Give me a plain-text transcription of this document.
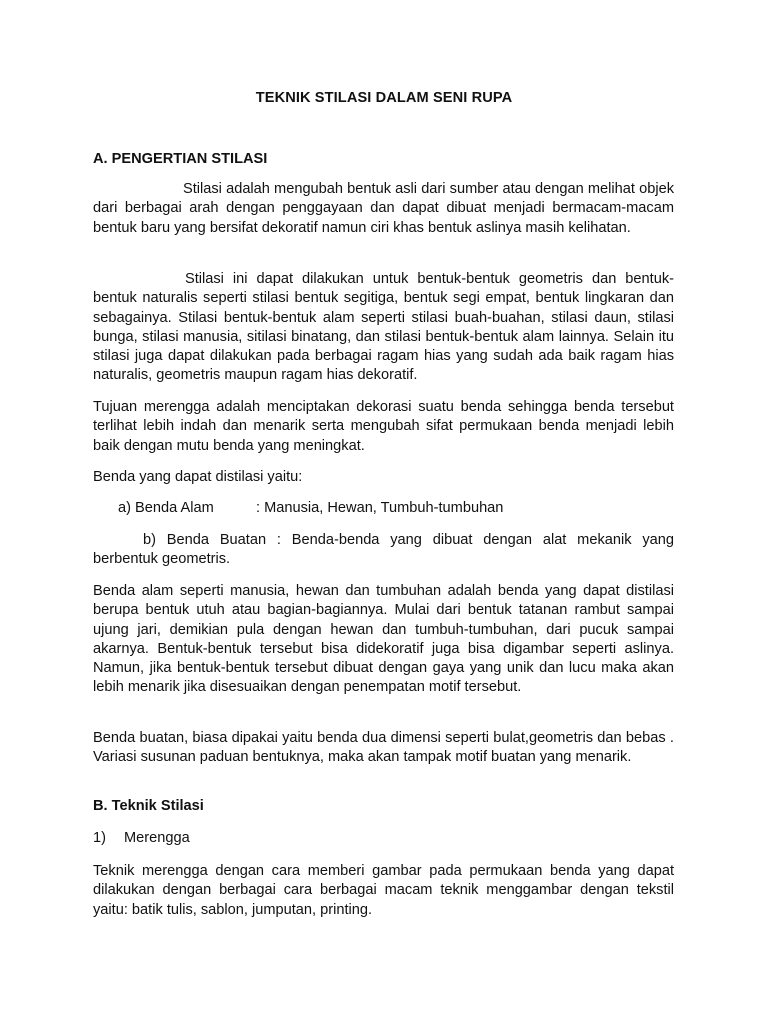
TEKNIK STILASI DALAM SENI RUPA
A. PENGERTIAN STILASI

Stilasi adalah mengubah bentuk asli dari sumber atau dengan melihat objek dari berbagai arah dengan penggayaan dan dapat dibuat menjadi bermacam-macam bentuk baru yang bersifat dekoratif namun ciri khas bentuk aslinya masih kelihatan.

Stilasi ini dapat dilakukan untuk bentuk-bentuk geometris dan bentuk-bentuk naturalis seperti stilasi bentuk segitiga, bentuk segi empat, bentuk lingkaran dan sebagainya. Stilasi bentuk-bentuk alam seperti stilasi buah-buahan, stilasi daun, stilasi bunga, stilasi manusia, sitilasi binatang, dan stilasi bentuk-bentuk alam lainnya. Selain itu stilasi juga dapat dilakukan pada berbagai ragam hias yang sudah ada baik ragam hias naturalis, geometris maupun ragam hias dekoratif.

Tujuan merengga adalah menciptakan dekorasi suatu benda sehingga benda tersebut terlihat lebih indah dan menarik serta mengubah sifat permukaan benda menjadi lebih baik dengan mutu benda yang meningkat.

Benda yang dapat distilasi yaitu:

a) Benda Alam	: Manusia, Hewan, Tumbuh-tumbuhan

b) Benda Buatan : Benda-benda yang dibuat dengan alat mekanik yang berbentuk geometris.

Benda alam seperti manusia, hewan dan tumbuhan adalah benda yang dapat distilasi berupa bentuk utuh atau bagian-bagiannya. Mulai dari bentuk tatanan rambut sampai ujung jari, demikian pula dengan hewan dan tumbuh-tumbuhan, dari pucuk sampai akarnya. Bentuk-bentuk tersebut bisa didekoratif juga bisa digambar seperti aslinya. Namun, jika bentuk-bentuk tersebut dibuat dengan gaya yang unik dan lucu maka akan lebih menarik jika disesuaikan dengan penempatan motif tersebut.

Benda buatan, biasa dipakai yaitu benda dua dimensi seperti bulat,geometris dan bebas . Variasi susunan paduan bentuknya, maka akan tampak motif buatan yang menarik.

B. Teknik Stilasi
1) Merengga

Teknik merengga dengan cara memberi gambar pada permukaan benda yang dapat dilakukan dengan berbagai cara berbagai macam teknik menggambar dengan tekstil yaitu: batik tulis, sablon, jumputan, printing.
